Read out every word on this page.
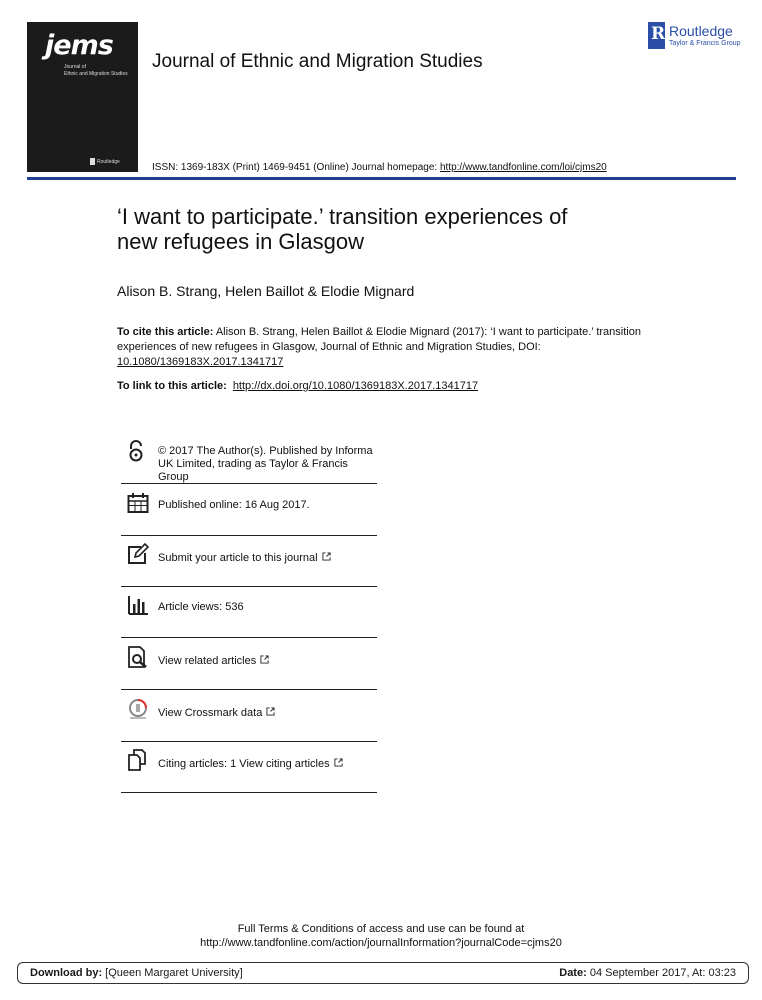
jems
Journal of
Ethnic and Migration Studies
Routledge
Journal of Ethnic and Migration Studies
R Routledge
Taylor & Francis Group
ISSN: 1369-183X (Print) 1469-9451 (Online) Journal homepage: http://www.tandfonline.com/loi/cjms20
‘I want to participate.’ transition experiences of
new refugees in Glasgow
Alison B. Strang, Helen Baillot & Elodie Mignard
To cite this article: Alison B. Strang, Helen Baillot & Elodie Mignard (2017): ‘I want to participate.’ transition experiences of new refugees in Glasgow, Journal of Ethnic and Migration Studies, DOI: 10.1080/1369183X.2017.1341717
To link to this article: http://dx.doi.org/10.1080/1369183X.2017.1341717
© 2017 The Author(s). Published by Informa
UK Limited, trading as Taylor & Francis
Group
Published online: 16 Aug 2017.
Submit your article to this journal
Article views: 536
View related articles
View Crossmark data
Citing articles: 1 View citing articles
Full Terms & Conditions of access and use can be found at
http://www.tandfonline.com/action/journalInformation?journalCode=cjms20
Download by: [Queen Margaret University]	Date: 04 September 2017, At: 03:23
